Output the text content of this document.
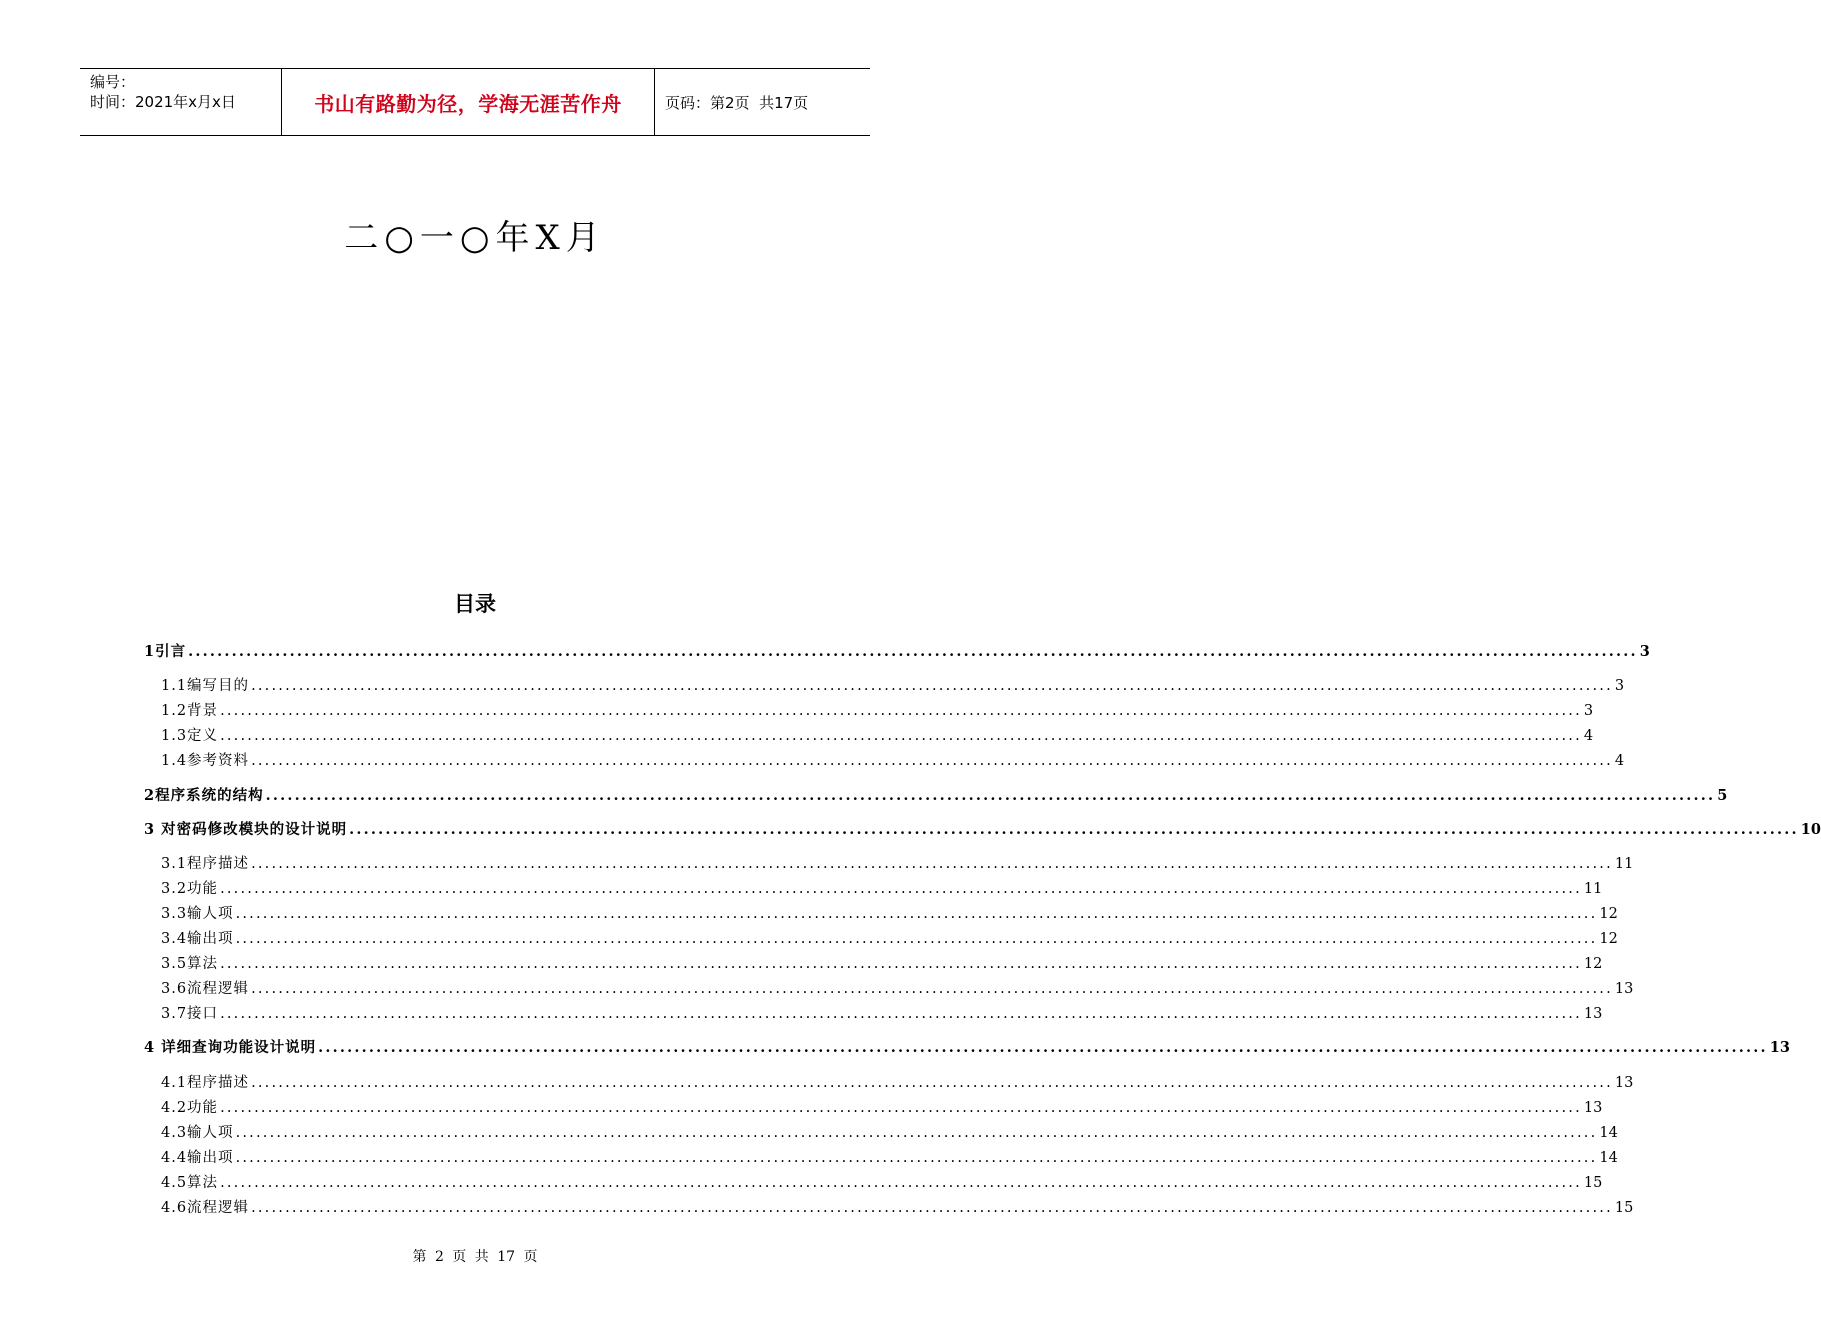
编号：
时间：2021年x月x日	书山有路勤为径，学海无涯苦作舟	页码：第2页  共17页
二○一○年X月
目录
1引言 ........................................................................................................................................................................................................ 3
1.1编写目的 ........................................................................................................................................................................................................ 3
1.2背景 ........................................................................................................................................................................................................ 3
1.3定义 ........................................................................................................................................................................................................ 4
1.4参考资料 ........................................................................................................................................................................................................ 4
2程序系统的结构 ........................................................................................................................................................................................................ 5
3 对密码修改模块的设计说明 ........................................................................................................................................................................................................ 10
3.1程序描述 ........................................................................................................................................................................................................ 11
3.2功能 ........................................................................................................................................................................................................ 11
3.3输人项 ........................................................................................................................................................................................................ 12
3.4输出项 ........................................................................................................................................................................................................ 12
3.5算法 ........................................................................................................................................................................................................ 12
3.6流程逻辑 ........................................................................................................................................................................................................ 13
3.7接口 ........................................................................................................................................................................................................ 13
4 详细查询功能设计说明 ........................................................................................................................................................................................................ 13
4.1程序描述 ........................................................................................................................................................................................................ 13
4.2功能 ........................................................................................................................................................................................................ 13
4.3输人项 ........................................................................................................................................................................................................ 14
4.4输出项 ........................................................................................................................................................................................................ 14
4.5算法 ........................................................................................................................................................................................................ 15
4.6流程逻辑 ........................................................................................................................................................................................................ 15
第 2 页 共 17 页
